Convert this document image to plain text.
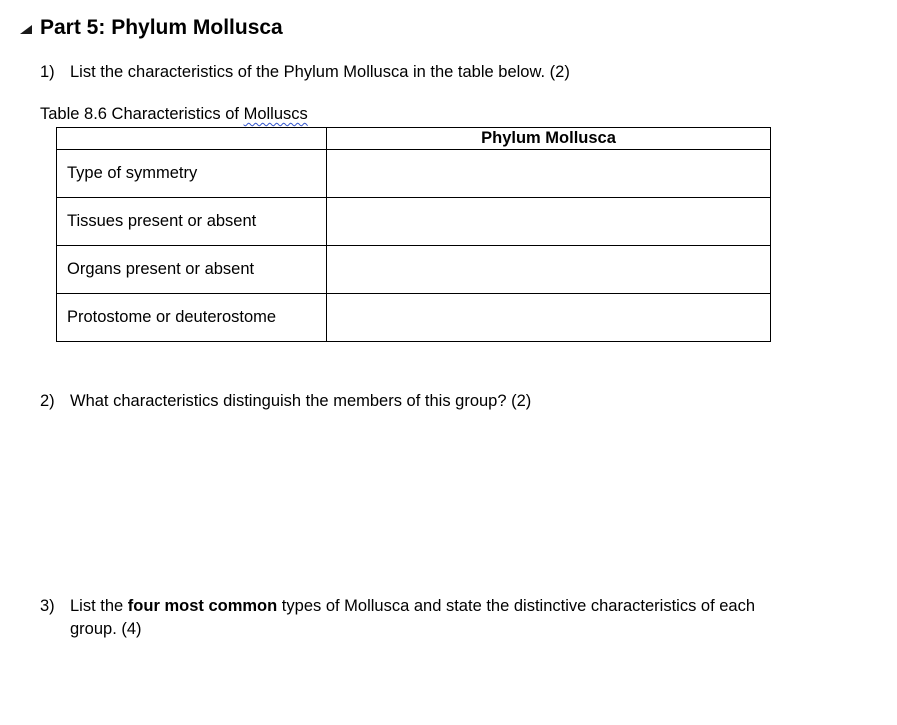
Part 5: Phylum Mollusca
1) List the characteristics of the Phylum Mollusca in the table below. (2)
Table 8.6 Characteristics of Molluscs
	Phylum Mollusca
Type of symmetry	
Tissues present or absent	
Organs present or absent	
Protostome or deuterostome	
2) What characteristics distinguish the members of this group? (2)
3) List the four most common types of Mollusca and state the distinctive characteristics of each group. (4)
